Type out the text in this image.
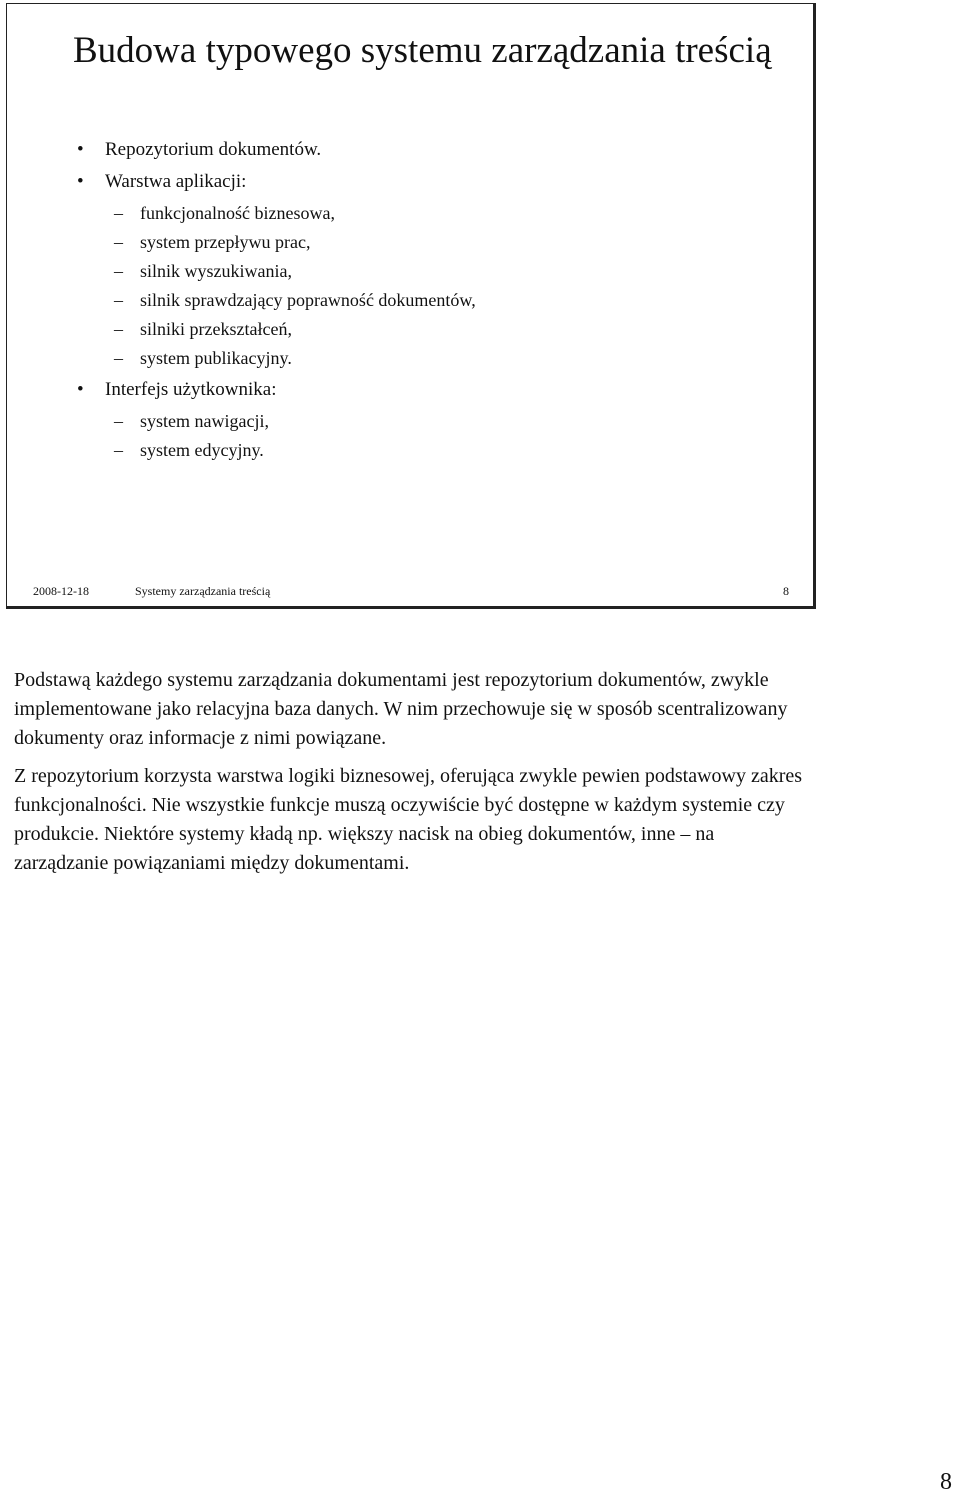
Budowa typowego systemu zarządzania treścią
• Repozytorium dokumentów.
• Warstwa aplikacji:
– funkcjonalność biznesowa,
– system przepływu prac,
– silnik wyszukiwania,
– silnik sprawdzający poprawność dokumentów,
– silniki przekształceń,
– system publikacyjny.
• Interfejs użytkownika:
– system nawigacji,
– system edycyjny.
2008-12-18	Systemy zarządzania treścią	8

Podstawą każdego systemu zarządzania dokumentami jest repozytorium dokumentów, zwykle implementowane jako relacyjna baza danych. W nim przechowuje się w sposób scentralizowany dokumenty oraz informacje z nimi powiązane.

Z repozytorium korzysta warstwa logiki biznesowej, oferująca zwykle pewien podstawowy zakres funkcjonalności. Nie wszystkie funkcje muszą oczywiście być dostępne w każdym systemie czy produkcie. Niektóre systemy kładą np. większy nacisk na obieg dokumentów, inne – na zarządzanie powiązaniami między dokumentami.

8
